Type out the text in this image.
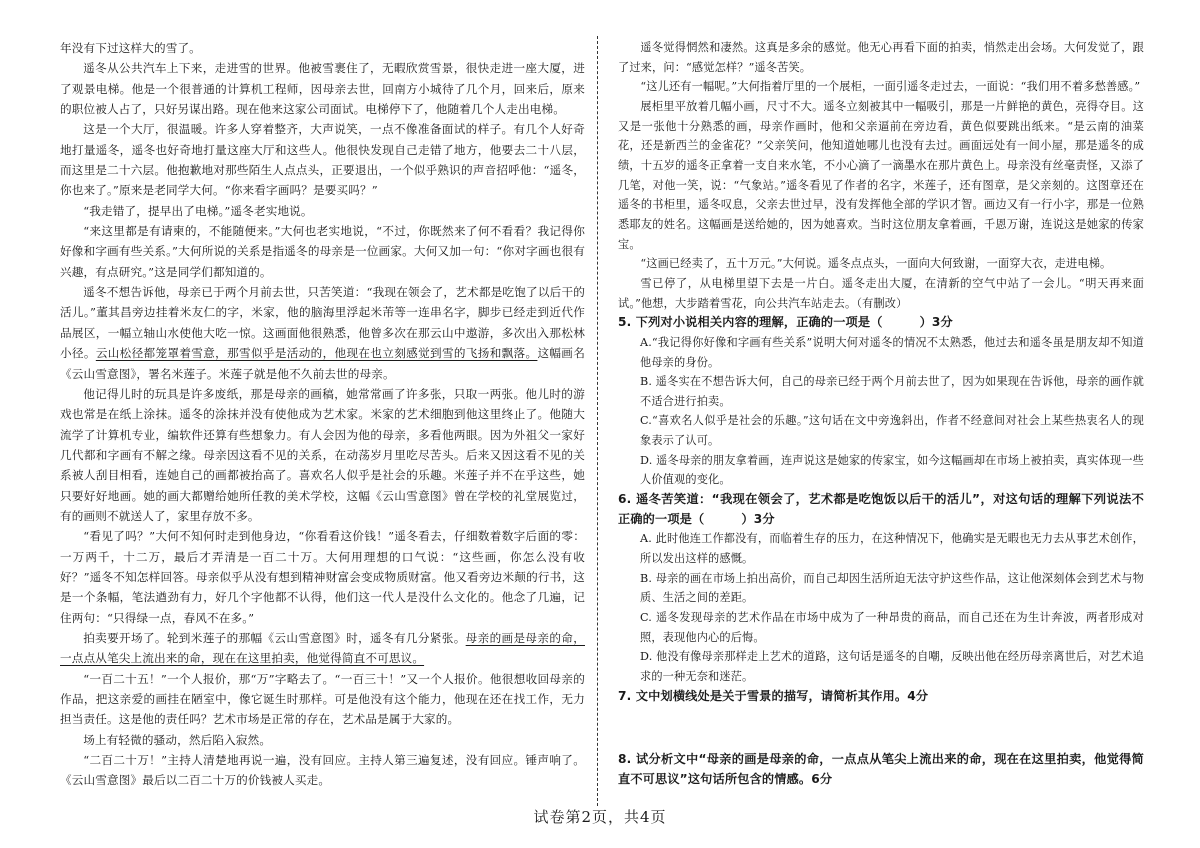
年没有下过这样大的雪了。

遥冬从公共汽车上下来，走进雪的世界。他被雪裹住了，无暇欣赏雪景，很快走进一座大厦，进了观景电梯。他是一个很普通的计算机工程师，因母亲去世，回南方小城待了几个月，回来后，原来的职位被人占了，只好另谋出路。现在他来这家公司面试。电梯停下了，他随着几个人走出电梯。

这是一个大厅，很温暖。许多人穿着整齐，大声说笑，一点不像准备面试的样子。有几个人好奇地打量遥冬，遥冬也好奇地打量这座大厅和这些人。他很快发现自己走错了地方，他要去二十八层，而这里是二十六层。他抱歉地对那些陌生人点点头，正要退出，一个似乎熟识的声音招呼他：“遥冬，你也来了。”原来是老同学大何。“你来看字画吗？是要买吗？”

“我走错了，提早出了电梯。”遥冬老实地说。

“来这里都是有请柬的，不能随便来。”大何也老实地说，“不过，你既然来了何不看看？我记得你好像和字画有些关系。”大何所说的关系是指遥冬的母亲是一位画家。大何又加一句：“你对字画也很有兴趣，有点研究。”这是同学们都知道的。

遥冬不想告诉他，母亲已于两个月前去世，只苦笑道：“我现在领会了，艺术都是吃饱了以后干的活儿。”董其昌旁边挂着米友仁的字，米家，他的脑海里浮起米芾等一连串名字，脚步已经走到近代作品展区，一幅立轴山水使他大吃一惊。这画面他很熟悉，他曾多次在那云山中遨游，多次出入那松林小径。云山松径都笼罩着雪意，那雪似乎是活动的，他现在也立刻感觉到雪的飞扬和飘落。这幅画名《云山雪意图》，署名米莲子。米莲子就是他不久前去世的母亲。

他记得儿时的玩具是许多废纸，那是母亲的画稿，她常常画了许多张，只取一两张。他儿时的游戏也常是在纸上涂抹。遥冬的涂抹并没有使他成为艺术家。米家的艺术细胞到他这里终止了。他随大流学了计算机专业，编软件还算有些想象力。有人会因为他的母亲，多看他两眼。因为外祖父一家好几代都和字画有不解之缘。母亲因这看不见的关系，在动荡岁月里吃尽苦头。后来又因这看不见的关系被人刮目相看，连她自己的画都被抬高了。喜欢名人似乎是社会的乐趣。米莲子并不在乎这些，她只要好好地画。她的画大都赠给她所任教的美术学校，这幅《云山雪意图》曾在学校的礼堂展览过，有的画则不就送人了，家里存放不多。

“看见了吗？”大何不知何时走到他身边，“你看看这价钱！”遥冬看去，仔细数着数字后面的零：一万两千，十二万，最后才弄清是一百二十万。大何用理想的口气说：“这些画，你怎么没有收好？”遥冬不知怎样回答。母亲似乎从没有想到精神财富会变成物质财富。他又看旁边米颠的行书，这是一个条幅，笔法遒劲有力，好几个字他都不认得，他们这一代人是没什么文化的。他念了几遍，记住两句：“只得绿一点，春风不在多。”

拍卖要开场了。轮到米莲子的那幅《云山雪意图》时，遥冬有几分紧张。母亲的画是母亲的命，一点点从笔尖上流出来的命，现在在这里拍卖，他觉得简直不可思议。

“一百二十五！”一个人报价，那“万”字略去了。“一百三十！”又一个人报价。他很想收回母亲的作品，把这亲爱的画挂在陋室中，像它诞生时那样。可是他没有这个能力，他现在还在找工作，无力担当责任。这是他的责任吗？艺术市场是正常的存在，艺术品是属于大家的。

场上有轻微的骚动，然后陷入寂然。

“二百二十万！”主持人清楚地再说一遍，没有回应。主持人第三遍复述，没有回应。锤声响了。《云山雪意图》最后以二百二十万的价钱被人买走。

遥冬觉得惘然和凄然。这真是多余的感觉。他无心再看下面的拍卖，悄然走出会场。大何发觉了，跟了过来，问：“感觉怎样？”遥冬苦笑。

“这儿还有一幅呢。”大何指着厅里的一个展柜，一面引遥冬走过去，一面说：“我们用不着多愁善感。”

展柜里平放着几幅小画，尺寸不大。遥冬立刻被其中一幅吸引，那是一片鲜艳的黄色，亮得夺目。这又是一张他十分熟悉的画，母亲作画时，他和父亲逼前在旁边看，黄色似要跳出纸来。“是云南的油菜花，还是新西兰的金雀花？”父亲笑问，他知道她哪儿也没有去过。画面远处有一间小屋，那是遥冬的成绩，十五岁的遥冬正拿着一支自来水笔，不小心滴了一滴墨水在那片黄色上。母亲没有丝毫责怪，又添了几笔，对他一笑，说：“气象站。”遥冬看见了作者的名字，米莲子，还有图章，是父亲刻的。这图章还在遥冬的书柜里，遥冬叹息，父亲去世过早，没有发挥他全部的学识才智。画边又有一行小字，那是一位熟悉耶友的姓名。这幅画是送给她的，因为她喜欢。当时这位朋友拿着画，千恩万谢，连说这是她家的传家宝。

“这画已经卖了，五十万元。”大何说。遥冬点点头，一面向大何致谢，一面穿大衣，走进电梯。

雪已停了，从电梯里望下去是一片白。遥冬走出大厦，在清新的空气中站了一会儿。“明天再来面试。”他想，大步踏着雪花，向公共汽车站走去。（有删改）

5. 下列对小说相关内容的理解，正确的一项是（　　　）3分

A.“我记得你好像和字画有些关系”说明大何对遥冬的情况不太熟悉，他过去和遥冬虽是朋友却不知道他母亲的身份。

B. 遥冬实在不想告诉大何，自己的母亲已经于两个月前去世了，因为如果现在告诉他，母亲的画作就不适合进行拍卖。

C.“喜欢名人似乎是社会的乐趣。”这句话在文中旁逸斜出，作者不经意间对社会上某些热衷名人的现象表示了认可。

D. 遥冬母亲的朋友拿着画，连声说这是她家的传家宝，如今这幅画却在市场上被拍卖，真实体现一些人价值观的变化。

6. 遥冬苦笑道：“我现在领会了，艺术都是吃饱饭以后干的活儿”，对这句话的理解下列说法不正确的一项是（　　　）3分

A. 此时他连工作都没有，而临着生存的压力，在这种情况下，他确实是无暇也无力去从事艺术创作，所以发出这样的感慨。

B. 母亲的画在市场上拍出高价，而自己却因生活所迫无法守护这些作品，这让他深刻体会到艺术与物质、生活之间的差距。

C. 遥冬发现母亲的艺术作品在市场中成为了一种昂贵的商品，而自己还在为生计奔波，两者形成对照，表现他内心的后悔。

D. 他没有像母亲那样走上艺术的道路，这句话是遥冬的自嘲，反映出他在经历母亲离世后，对艺术追求的一种无奈和迷茫。

7. 文中划横线处是关于雪景的描写，请简析其作用。4分

8. 试分析文中“母亲的画是母亲的命，一点点从笔尖上流出来的命，现在在这里拍卖，他觉得简直不可思议”这句话所包含的情感。6分

试卷第2页，共4页
